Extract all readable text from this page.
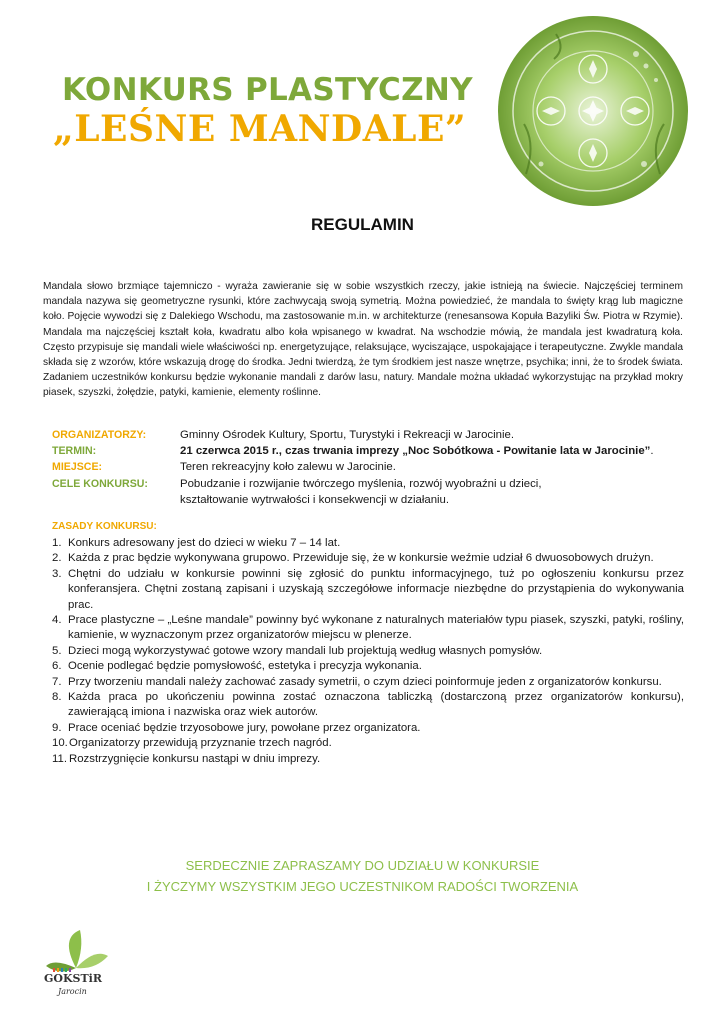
KONKURS PLASTYCZNY
„LEŚNE MANDALE”
REGULAMIN
Mandala słowo brzmiące tajemniczo - wyraża zawieranie się w sobie wszystkich rzeczy, jakie istnieją na świecie. Najczęściej terminem mandala nazywa się geometryczne rysunki, które zachwycają swoją symetrią. Można powiedzieć, że mandala to święty krąg lub magiczne koło. Pojęcie wywodzi się z Dalekiego Wschodu, ma zastosowanie m.in. w architekturze (renesansowa Kopuła Bazyliki Św. Piotra w Rzymie). Mandala ma najczęściej kształt koła, kwadratu albo koła wpisanego w kwadrat. Na wschodzie mówią, że mandala jest kwadraturą koła. Często przypisuje się mandali wiele właściwości np. energetyzujące, relaksujące, wyciszające, uspokajające i terapeutyczne. Zwykle mandala składa się z wzorów, które wskazują drogę do środka. Jedni twierdzą, że tym środkiem jest nasze wnętrze, psychika; inni, że to środek świata. Zadaniem uczestników konkursu będzie wykonanie mandali z darów lasu, natury. Mandale można układać wykorzystując na przykład mokry piasek, szyszki, żołędzie, patyki, kamienie, elementy roślinne.
ORGANIZATORZY:	Gminny Ośrodek Kultury, Sportu, Turystyki i Rekreacji w Jarocinie.
TERMIN:	21 czerwca 2015 r., czas trwania imprezy „Noc Sobótkowa - Powitanie lata w Jarocinie”.
MIEJSCE:	Teren rekreacyjny koło zalewu w Jarocinie.
CELE KONKURSU:	Pobudzanie i rozwijanie twórczego myślenia, rozwój wyobraźni u dzieci,
kształtowanie wytrwałości i konsekwencji w działaniu.
ZASADY KONKURSU:
1. Konkurs adresowany jest do dzieci w wieku 7 – 14 lat.
2. Każda z prac będzie wykonywana grupowo. Przewiduje się, że w konkursie weźmie udział 6 dwuosobowych drużyn.
3. Chętni do udziału w konkursie powinni się zgłosić do punktu informacyjnego, tuż po ogłoszeniu konkursu przez konferansjera. Chętni zostaną zapisani i uzyskają szczegółowe informacje niezbędne do przystąpienia do wykonywania prac.
4. Prace plastyczne – „Leśne mandale” powinny być wykonane z naturalnych materiałów typu piasek, szyszki, patyki, rośliny, kamienie, w wyznaczonym przez organizatorów miejscu w plenerze.
5. Dzieci mogą wykorzystywać gotowe wzory mandali lub projektują według własnych pomysłów.
6. Ocenie podlegać będzie pomysłowość, estetyka i precyzja wykonania.
7. Przy tworzeniu mandali należy zachować zasady symetrii, o czym dzieci poinformuje jeden z organizatorów konkursu.
8. Każda praca po ukończeniu powinna zostać oznaczona tabliczką (dostarczoną przez organizatorów konkursu), zawierającą imiona i nazwiska oraz wiek autorów.
9. Prace oceniać będzie trzyosobowe jury, powołane przez organizatora.
10. Organizatorzy przewidują przyznanie trzech nagród.
11. Rozstrzygnięcie konkursu nastąpi w dniu imprezy.
SERDECZNIE ZAPRASZAMY DO UDZIAŁU W KONKURSIE
I ŻYCZYMY WSZYSTKIM JEGO UCZESTNIKOM RADOŚCI TWORZENIA
GOKSTiR
Jarocin
